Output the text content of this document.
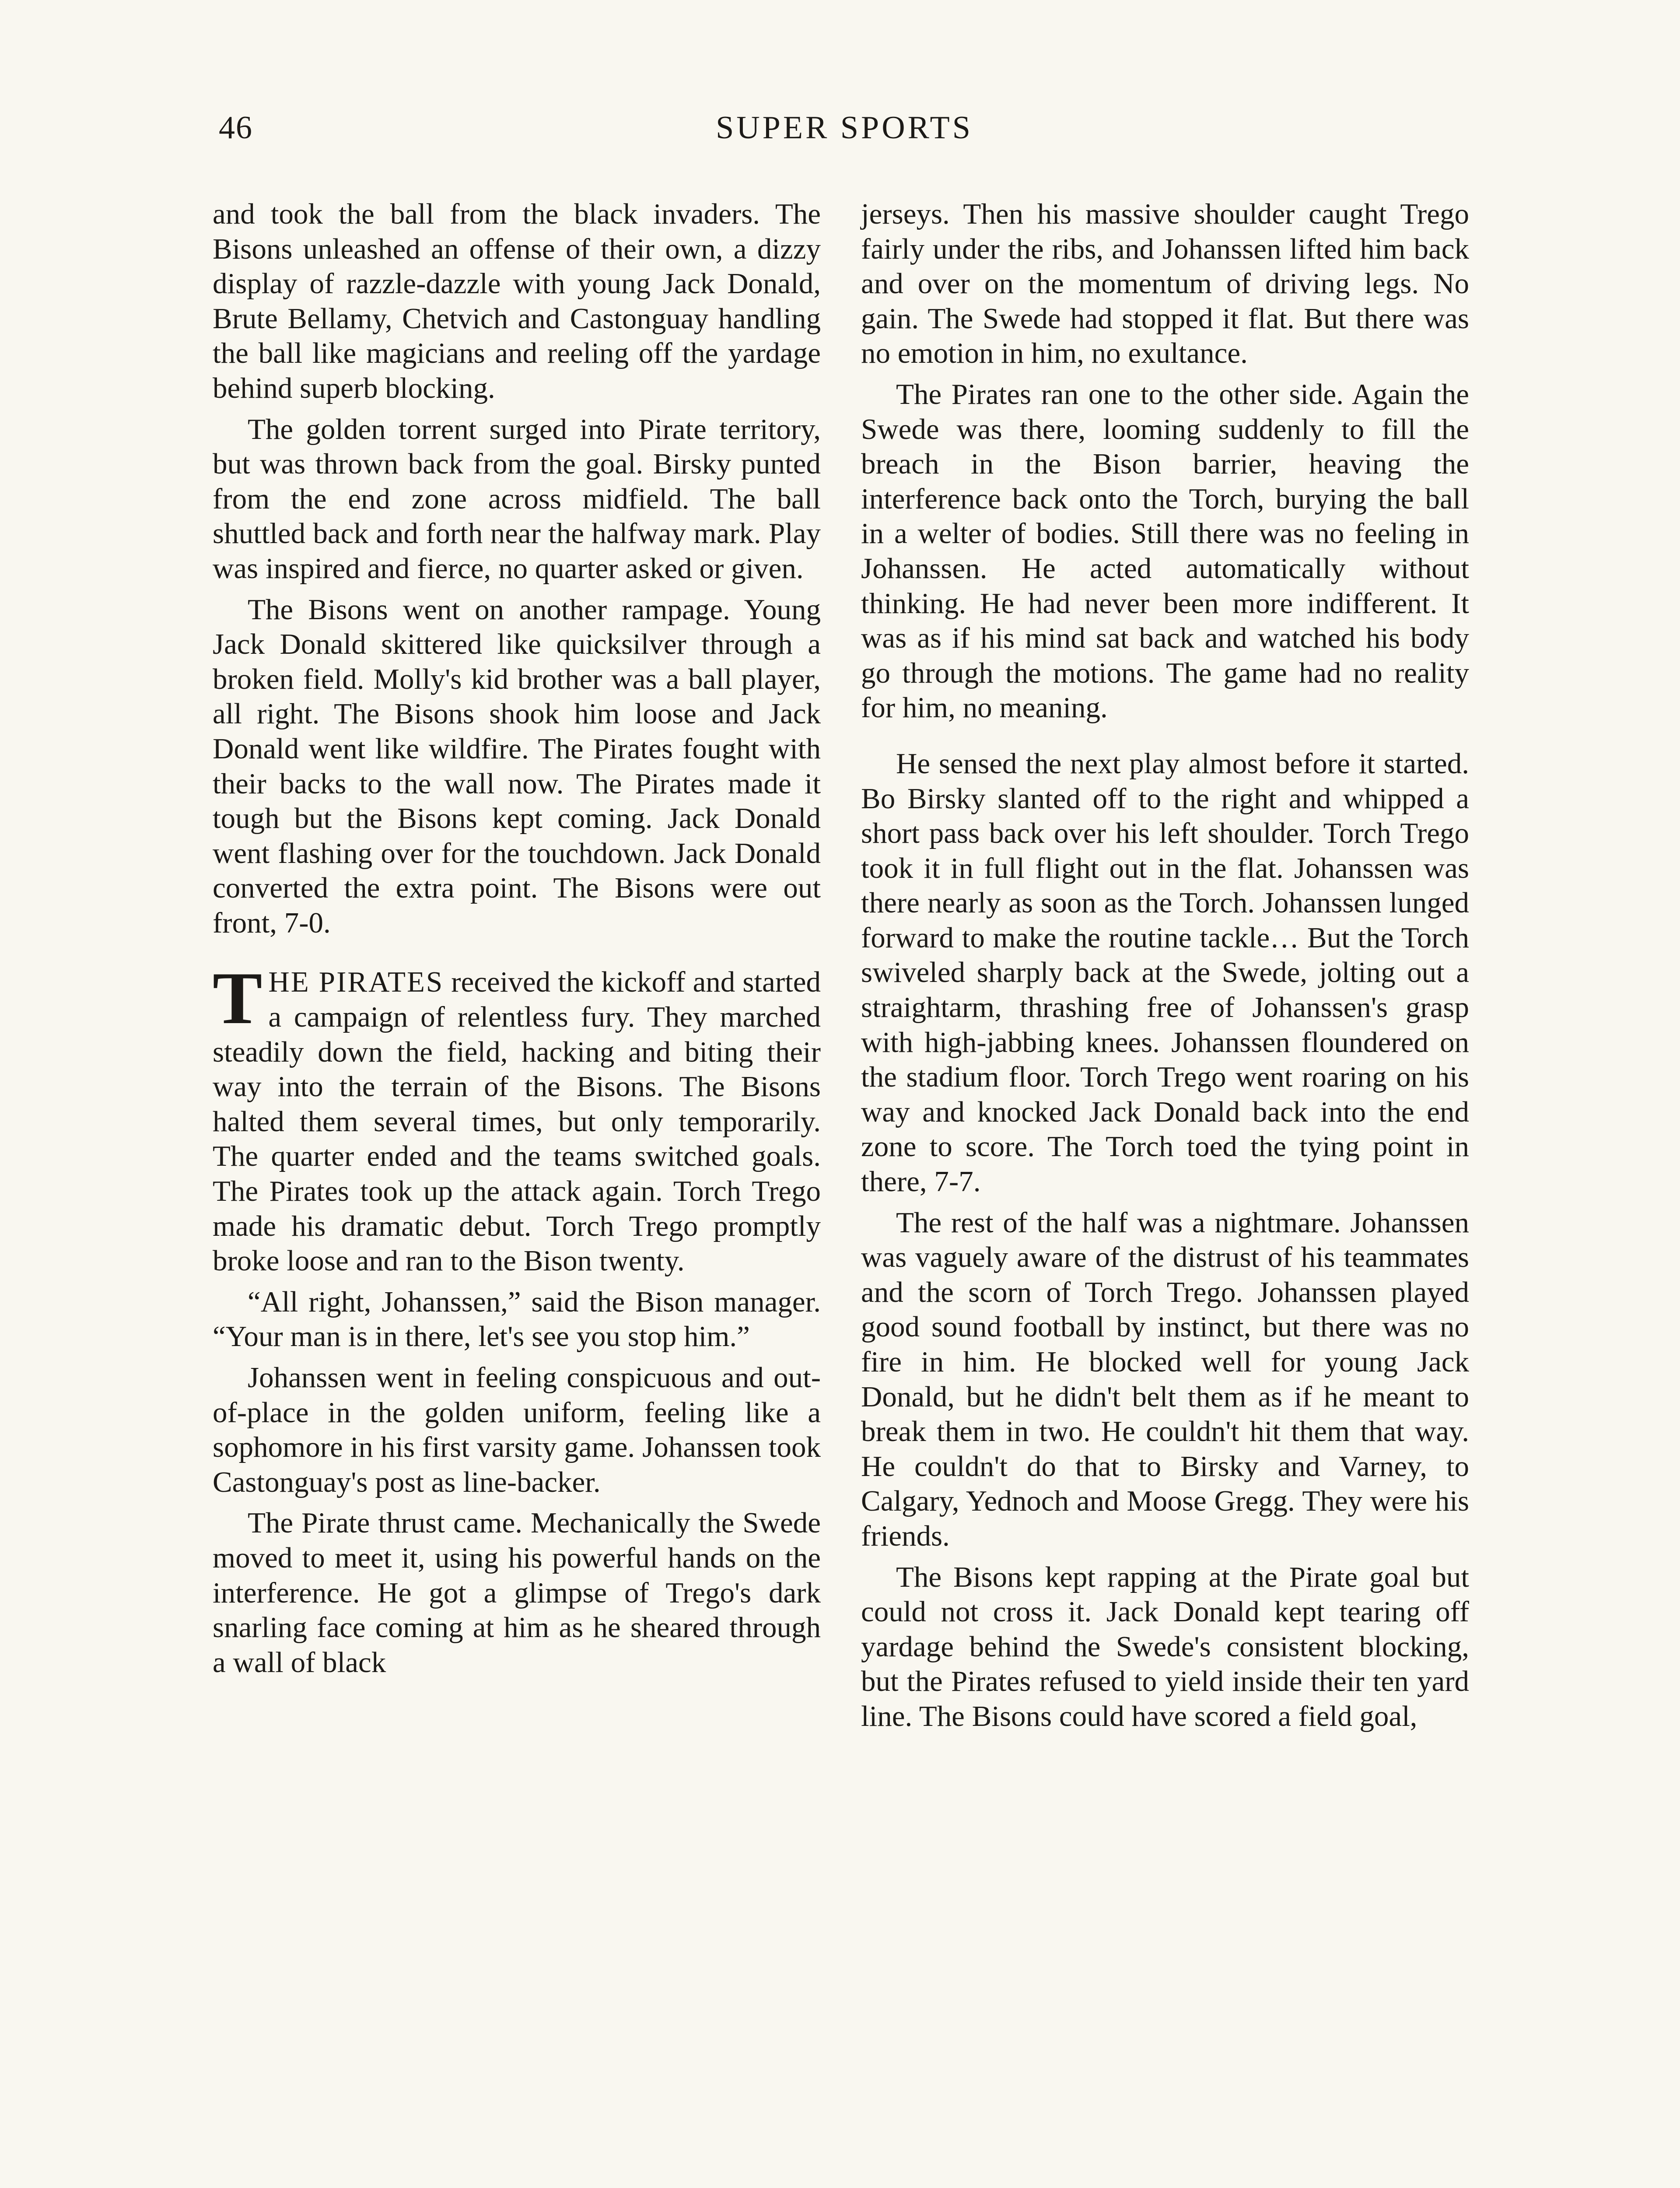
46	SUPER SPORTS

and took the ball from the black invaders. The Bisons unleashed an offense of their own, a dizzy display of razzle-dazzle with young Jack Donald, Brute Bellamy, Chetvich and Castonguay handling the ball like magicians and reeling off the yardage behind superb blocking.

The golden torrent surged into Pirate territory, but was thrown back from the goal. Birsky punted from the end zone across midfield. The ball shuttled back and forth near the halfway mark. Play was inspired and fierce, no quarter asked or given.

The Bisons went on another rampage. Young Jack Donald skittered like quicksilver through a broken field. Molly's kid brother was a ball player, all right. The Bisons shook him loose and Jack Donald went like wildfire. The Pirates fought with their backs to the wall now. The Pirates made it tough but the Bisons kept coming. Jack Donald went flashing over for the touchdown. Jack Donald converted the extra point. The Bisons were out front, 7-0.

THE PIRATES received the kickoff and started a campaign of relentless fury. They marched steadily down the field, hacking and biting their way into the terrain of the Bisons. The Bisons halted them several times, but only temporarily. The quarter ended and the teams switched goals. The Pirates took up the attack again. Torch Trego made his dramatic debut. Torch Trego promptly broke loose and ran to the Bison twenty.

“All right, Johanssen,” said the Bison manager. “Your man is in there, let's see you stop him.”

Johanssen went in feeling conspicuous and out-of-place in the golden uniform, feeling like a sophomore in his first varsity game. Johanssen took Castonguay's post as line-backer.

The Pirate thrust came. Mechanically the Swede moved to meet it, using his powerful hands on the interference. He got a glimpse of Trego's dark snarling face coming at him as he sheared through a wall of black

jerseys. Then his massive shoulder caught Trego fairly under the ribs, and Johanssen lifted him back and over on the momentum of driving legs. No gain. The Swede had stopped it flat. But there was no emotion in him, no exultance.

The Pirates ran one to the other side. Again the Swede was there, looming suddenly to fill the breach in the Bison barrier, heaving the interference back onto the Torch, burying the ball in a welter of bodies. Still there was no feeling in Johanssen. He acted automatically without thinking. He had never been more indifferent. It was as if his mind sat back and watched his body go through the motions. The game had no reality for him, no meaning.

He sensed the next play almost before it started. Bo Birsky slanted off to the right and whipped a short pass back over his left shoulder. Torch Trego took it in full flight out in the flat. Johanssen was there nearly as soon as the Torch. Johanssen lunged forward to make the routine tackle… But the Torch swiveled sharply back at the Swede, jolting out a straightarm, thrashing free of Johanssen's grasp with high-jabbing knees. Johanssen floundered on the stadium floor. Torch Trego went roaring on his way and knocked Jack Donald back into the end zone to score. The Torch toed the tying point in there, 7-7.

The rest of the half was a nightmare. Johanssen was vaguely aware of the distrust of his teammates and the scorn of Torch Trego. Johanssen played good sound football by instinct, but there was no fire in him. He blocked well for young Jack Donald, but he didn't belt them as if he meant to break them in two. He couldn't hit them that way. He couldn't do that to Birsky and Varney, to Calgary, Yednoch and Moose Gregg. They were his friends.

The Bisons kept rapping at the Pirate goal but could not cross it. Jack Donald kept tearing off yardage behind the Swede's consistent blocking, but the Pirates refused to yield inside their ten yard line. The Bisons could have scored a field goal,
